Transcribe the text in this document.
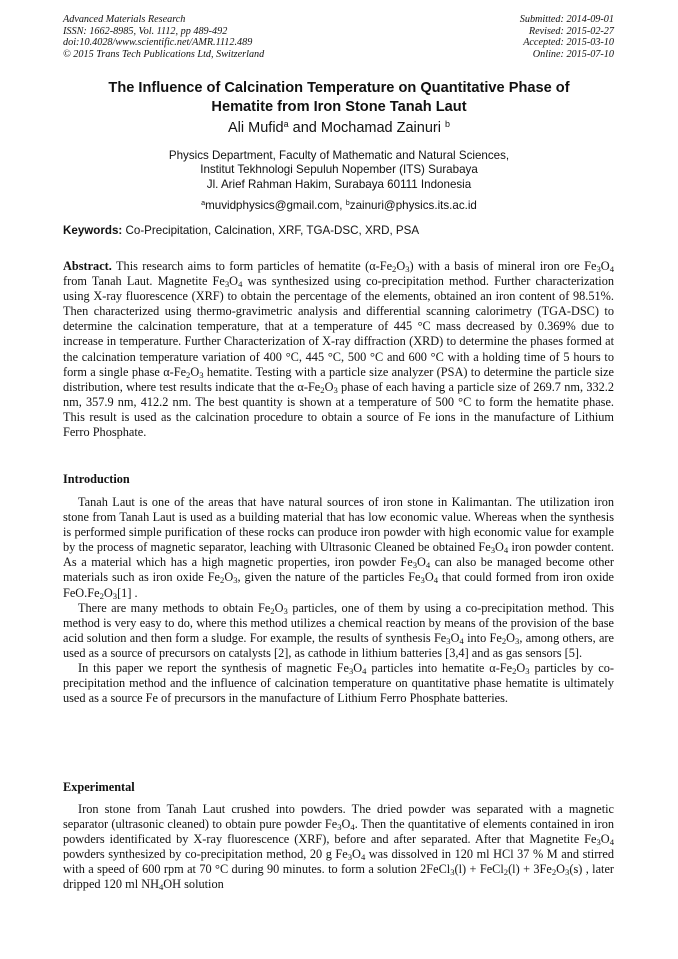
Advanced Materials Research
ISSN: 1662-8985, Vol. 1112, pp 489-492
doi:10.4028/www.scientific.net/AMR.1112.489
© 2015 Trans Tech Publications Ltd, Switzerland
Submitted: 2014-09-01
Revised: 2015-02-27
Accepted: 2015-03-10
Online: 2015-07-10
The Influence of Calcination Temperature on Quantitative Phase of
Hematite from Iron Stone Tanah Laut
Ali Mufid$^a$ and Mochamad Zainuri $^b$
Physics Department, Faculty of Mathematic and Natural Sciences,
Institut Tekhnologi Sepuluh Nopember (ITS) Surabaya
Jl. Arief Rahman Hakim, Surabaya 60111 Indonesia
$^a$muvidphysics@gmail.com, $^b$zainuri@physics.its.ac.id
Keywords: Co-Precipitation, Calcination, XRF, TGA-DSC, XRD, PSA
Abstract. This research aims to form particles of hematite $(\alpha-Fe_2O_3)$ with a basis of mineral iron ore $Fe_3O_4$ from Tanah Laut. Magnetite $Fe_3O_4$ was synthesized using co-precipitation method. Further characterization using X-ray fluorescence (XRF) to obtain the percentage of the elements, obtained an iron content of 98.51%. Then characterized using thermo-gravimetric analysis and differential scanning calorimetry (TGA-DSC) to determine the calcination temperature, that at a temperature of 445 °C mass decreased by 0.369% due to increase in temperature. Further Characterization of X-ray diffraction (XRD) to determine the phases formed at the calcination temperature variation of 400 °C, 445 °C, 500 °C and 600 °C with a holding time of 5 hours to form a single phase $\alpha-Fe_2O_3$ hematite. Testing with a particle size analyzer (PSA) to determine the particle size distribution, where test results indicate that the $\alpha-Fe_2O_3$ phase of each having a particle size of 269.7 nm, 332.2 nm, 357.9 nm, 412.2 nm. The best quantity is shown at a temperature of 500 °C to form the hematite phase. This result is used as the calcination procedure to obtain a source of Fe ions in the manufacture of Lithium Ferro Phosphate.
Introduction

Tanah Laut is one of the areas that have natural sources of iron stone in Kalimantan. The utilization iron stone from Tanah Laut is used as a building material that has low economic value. Whereas when the synthesis is performed simple purification of these rocks can produce iron powder with high economic value for example by the process of magnetic separator, leaching with Ultrasonic Cleaned be obtained $Fe_3O_4$ iron powder content. As a material which has a high magnetic properties, iron powder $Fe_3O_4$ can also be managed become other materials such as iron oxide $Fe_2O_3$, given the nature of the particles $Fe_3O_4$ that could formed from iron oxide $FeO.Fe_2O_3[1]$ .

There are many methods to obtain $Fe_2O_3$ particles, one of them by using a co-precipitation method. This method is very easy to do, where this method utilizes a chemical reaction by means of the provision of the base acid solution and then form a sludge. For example, the results of synthesis $Fe_3O_4$ into $Fe_2O_3$, among others, are used as a source of precursors on catalysts [2], as cathode in lithium batteries [3,4] and as gas sensors [5].

In this paper we report the synthesis of magnetic $Fe_3O_4$ particles into hematite $\alpha-Fe_2O_3$ particles by co-precipitation method and the influence of calcination temperature on quantitative phase hematite is ultimately used as a source Fe of precursors in the manufacture of Lithium Ferro Phosphate batteries.

Experimental

Iron stone from Tanah Laut crushed into powders. The dried powder was separated with a magnetic separator (ultrasonic cleaned) to obtain pure powder $Fe_3O_4$. Then the quantitative of elements contained in iron powders identificated by X-ray fluorescence (XRF), before and after separated. After that Magnetite $Fe_3O_4$ powders synthesized by co-precipitation method, 20 g $Fe_3O_4$ was dissolved in 120 ml HCl 37 % M and stirred with a speed of 600 rpm at 70 °C during 90 minutes. to form a solution 2FeCl$_3$(l) + FeCl$_2$(l) + $3Fe_2O_3(s)$ , later dripped 120 ml $NH_4OH$ solution
